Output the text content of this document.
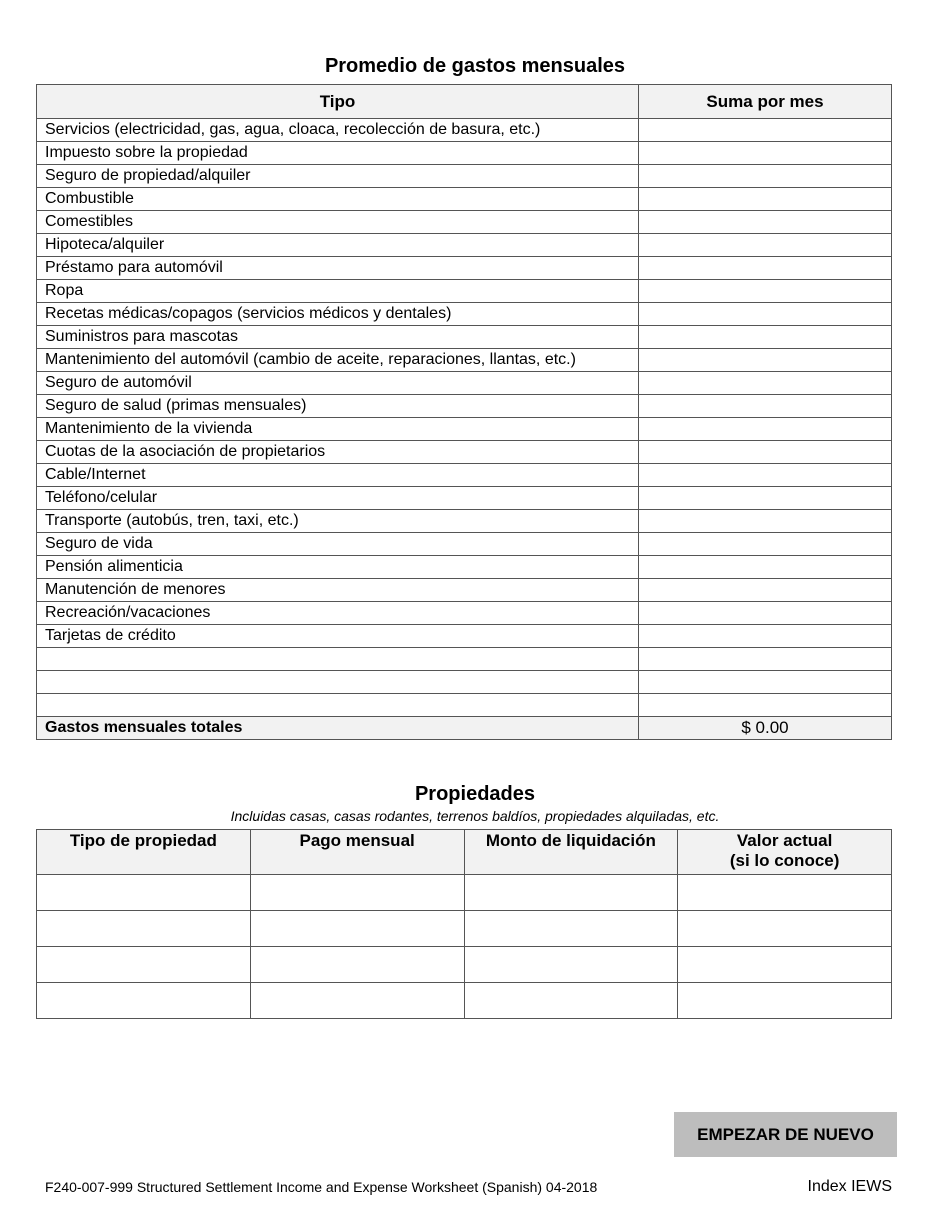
Promedio de gastos mensuales
Tipo	Suma por mes
Servicios (electricidad, gas, agua, cloaca, recolección de basura, etc.)	
Impuesto sobre la propiedad	
Seguro de propiedad/alquiler	
Combustible	
Comestibles	
Hipoteca/alquiler	
Préstamo para automóvil	
Ropa	
Recetas médicas/copagos (servicios médicos y dentales)	
Suministros para mascotas	
Mantenimiento del automóvil (cambio de aceite, reparaciones, llantas, etc.)	
Seguro de automóvil	
Seguro de salud (primas mensuales)	
Mantenimiento de la vivienda	
Cuotas de la asociación de propietarios	
Cable/Internet	
Teléfono/celular	
Transporte (autobús, tren, taxi, etc.)	
Seguro de vida	
Pensión alimenticia	
Manutención de menores	
Recreación/vacaciones	
Tarjetas de crédito	

Gastos mensuales totales	$ 0.00
Propiedades
Incluidas casas, casas rodantes, terrenos baldíos, propiedades alquiladas, etc.
Tipo de propiedad	Pago mensual	Monto de liquidación	Valor actual
(si lo conoce)

EMPEZAR DE NUEVO
F240-007-999 Structured Settlement Income and Expense Worksheet (Spanish) 04-2018	Index IEWS
